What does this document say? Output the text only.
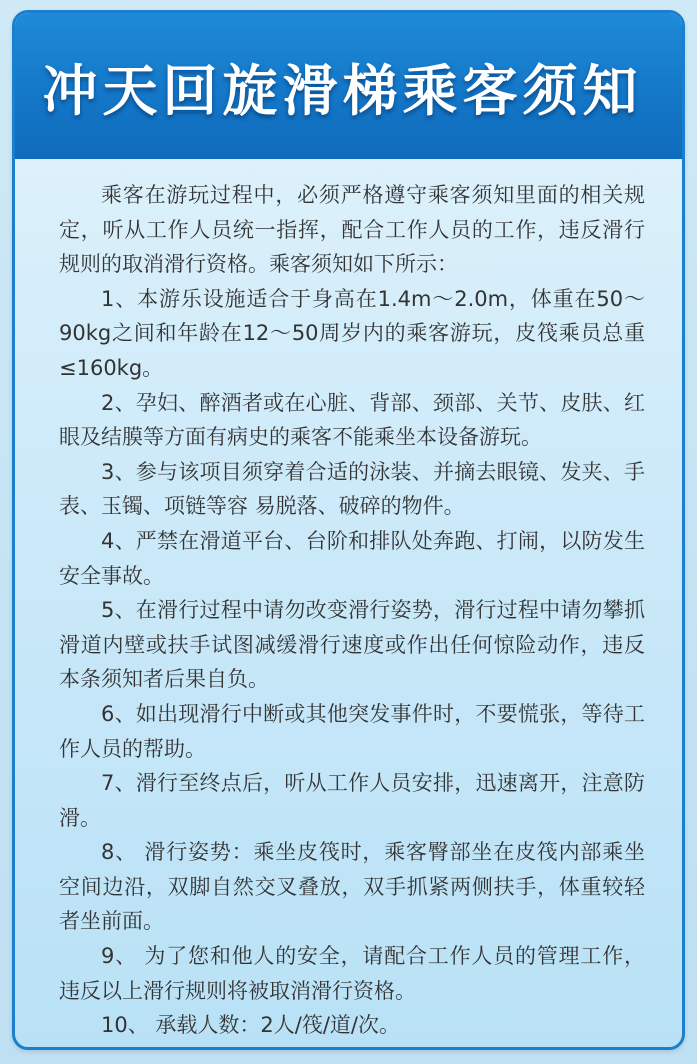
冲天回旋滑梯乘客须知

乘客在游玩过程中，必须严格遵守乘客须知里面的相关规定，听从工作人员统一指挥，配合工作人员的工作，违反滑行规则的取消滑行资格。乘客须知如下所示：

1、本游乐设施适合于身高在1.4m～2.0m，体重在50～90kg之间和年龄在12～50周岁内的乘客游玩，皮筏乘员总重≤160kg。

2、孕妇、醉酒者或在心脏、背部、颈部、关节、皮肤、红眼及结膜等方面有病史的乘客不能乘坐本设备游玩。

3、参与该项目须穿着合适的泳装、并摘去眼镜、发夹、手表、玉镯、项链等容 易脱落、破碎的物件。

4、严禁在滑道平台、台阶和排队处奔跑、打闹，以防发生安全事故。

5、在滑行过程中请勿改变滑行姿势，滑行过程中请勿攀抓滑道内壁或扶手试图减缓滑行速度或作出任何惊险动作，违反本条须知者后果自负。

6、如出现滑行中断或其他突发事件时，不要慌张，等待工作人员的帮助。

7、滑行至终点后，听从工作人员安排，迅速离开，注意防滑。

8、 滑行姿势：乘坐皮筏时，乘客臀部坐在皮筏内部乘坐空间边沿，双脚自然交叉叠放，双手抓紧两侧扶手，体重较轻者坐前面。

9、 为了您和他人的安全，请配合工作人员的管理工作，违反以上滑行规则将被取消滑行资格。

10、 承载人数：2人/筏/道/次。
